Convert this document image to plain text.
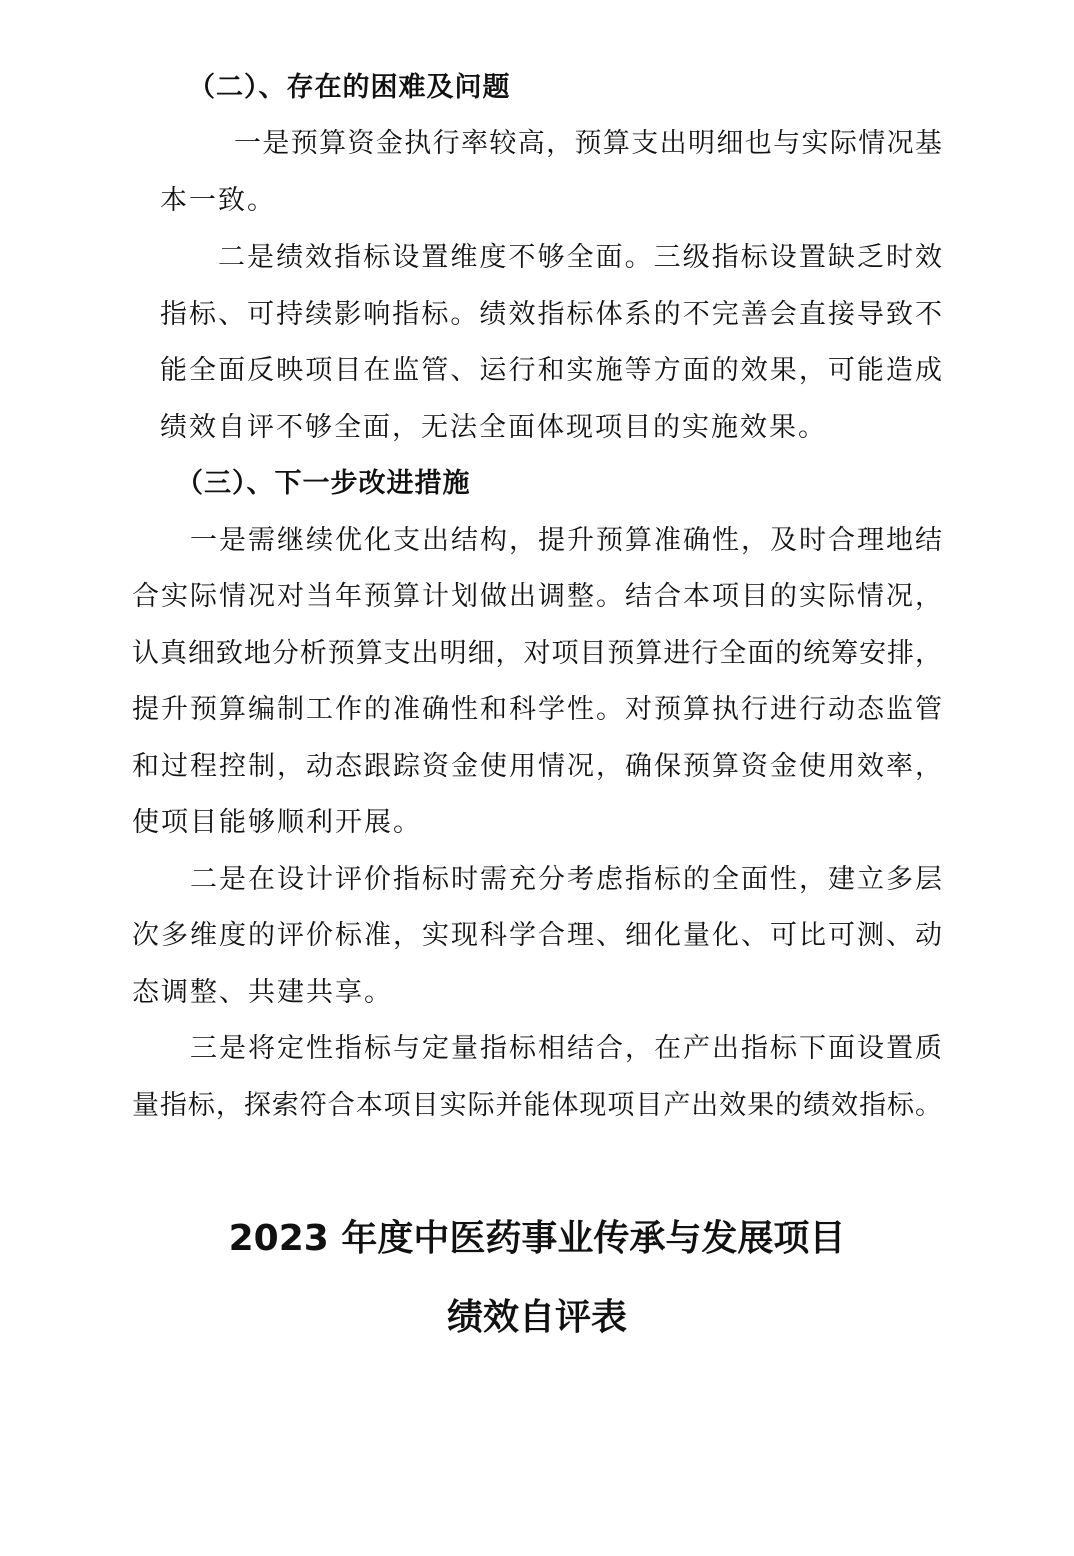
（二）、存在的困难及问题
一是预算资金执行率较高，预算支出明细也与实际情况基
本一致。
二是绩效指标设置维度不够全面。三级指标设置缺乏时效
指标、可持续影响指标。绩效指标体系的不完善会直接导致不
能全面反映项目在监管、运行和实施等方面的效果，可能造成
绩效自评不够全面，无法全面体现项目的实施效果。
（三）、下一步改进措施
一是需继续优化支出结构，提升预算准确性，及时合理地结
合实际情况对当年预算计划做出调整。结合本项目的实际情况，
认真细致地分析预算支出明细，对项目预算进行全面的统筹安排，
提升预算编制工作的准确性和科学性。对预算执行进行动态监管
和过程控制，动态跟踪资金使用情况，确保预算资金使用效率，
使项目能够顺利开展。
二是在设计评价指标时需充分考虑指标的全面性，建立多层
次多维度的评价标准，实现科学合理、细化量化、可比可测、动
态调整、共建共享。
三是将定性指标与定量指标相结合，在产出指标下面设置质
量指标，探索符合本项目实际并能体现项目产出效果的绩效指标。
2023 年度中医药事业传承与发展项目
绩效自评表
